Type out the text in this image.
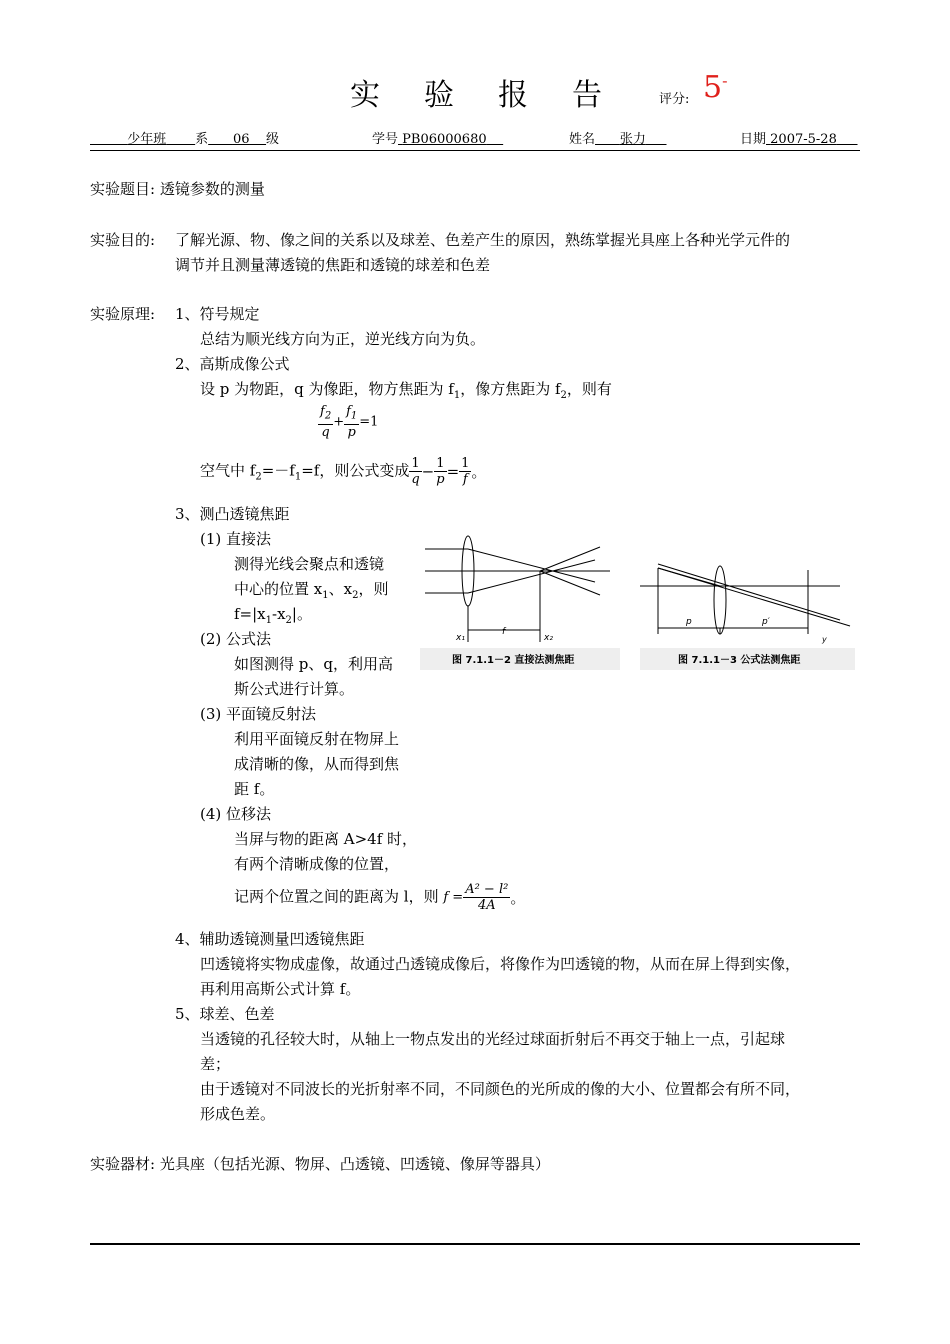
实 验 报 告	评分: 5-
少年班 系 06 级	学号 PB06000680	姓名 张力	日期 2007-5-28
实验题目: 透镜参数的测量
实验目的: 了解光源、物、像之间的关系以及球差、色差产生的原因，熟练掌握光具座上各种光学元件的
调节并且测量薄透镜的焦距和透镜的球差和色差
实验原理: 1、符号规定
总结为顺光线方向为正，逆光线方向为负。
2、高斯成像公式
设 p 为物距，q 为像距，物方焦距为 $f_1$，像方焦距为 $f_2$，则有
$\frac{f_2}{q} + \frac{f_1}{p} =1$
空气中 $f_2=-f_1=f$，则公式变成 $\frac{1}{q} - \frac{1}{p} = \frac{1}{f}$ 。
3、测凸透镜焦距
(1) 直接法
测得光线会聚点和透镜
中心的位置 $x_1$、$x_2$，则
$f=|x_1-x_2|$。
(2) 公式法
如图测得 p、q，利用高
斯公式进行计算。
(3) 平面镜反射法
利用平面镜反射在物屏上
成清晰的像，从而得到焦
距 f。
(4) 位移法
当屏与物的距离 A>4f 时，
有两个清晰成像的位置，
记两个位置之间的距离为 l，则 $f = \frac{\text{A² − l²}}{4A}$ 。
x₁
f
x₂
图 7.1.1－2 直接法测焦距
p	p′
y
图 7.1.1－3 公式法测焦距
4、辅助透镜测量凹透镜焦距
凹透镜将实物成虚像，故通过凸透镜成像后，将像作为凹透镜的物，从而在屏上得到实像，
再利用高斯公式计算 f。
5、球差、色差
当透镜的孔径较大时，从轴上一物点发出的光经过球面折射后不再交于轴上一点，引起球
差；
由于透镜对不同波长的光折射率不同，不同颜色的光所成的像的大小、位置都会有所不同，
形成色差。
实验器材: 光具座（包括光源、物屏、凸透镜、凹透镜、像屏等器具）
